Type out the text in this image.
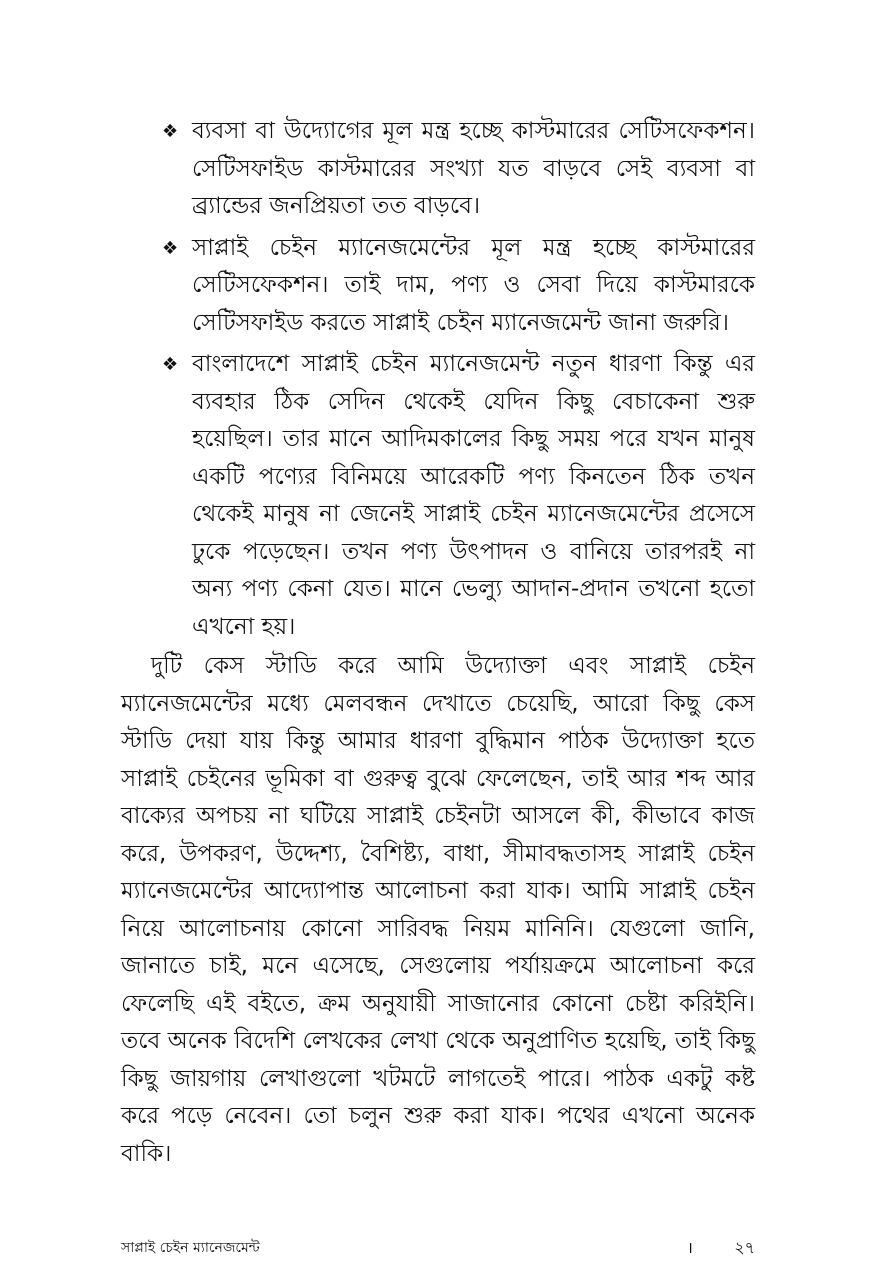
❖ ব্যবসা বা উদ্যোগের মূল মন্ত্র হচ্ছে কাস্টমারের সেটিসফেকশন। সেটিসফাইড কাস্টমারের সংখ্যা যত বাড়বে সেই ব্যবসা বা ব্র্যান্ডের জনপ্রিয়তা তত বাড়বে।
❖ সাপ্লাই চেইন ম্যানেজমেন্টের মূল মন্ত্র হচ্ছে কাস্টমারের সেটিসফেকশন। তাই দাম, পণ্য ও সেবা দিয়ে কাস্টমারকে সেটিসফাইড করতে সাপ্লাই চেইন ম্যানেজমেন্ট জানা জরুরি।
❖ বাংলাদেশে সাপ্লাই চেইন ম্যানেজমেন্ট নতুন ধারণা কিন্তু এর ব্যবহার ঠিক সেদিন থেকেই যেদিন কিছু বেচাকেনা শুরু হয়েছিল। তার মানে আদিমকালের কিছু সময় পরে যখন মানুষ একটি পণ্যের বিনিময়ে আরেকটি পণ্য কিনতেন ঠিক তখন থেকেই মানুষ না জেনেই সাপ্লাই চেইন ম্যানেজমেন্টের প্রসেসে ঢুকে পড়েছেন। তখন পণ্য উৎপাদন ও বানিয়ে তারপরই না অন্য পণ্য কেনা যেত। মানে ভেল্যু আদান-প্রদান তখনো হতো এখনো হয়।

দুটি কেস স্টাডি করে আমি উদ্যোক্তা এবং সাপ্লাই চেইন ম্যানেজমেন্টের মধ্যে মেলবন্ধন দেখাতে চেয়েছি, আরো কিছু কেস স্টাডি দেয়া যায় কিন্তু আমার ধারণা বুদ্ধিমান পাঠক উদ্যোক্তা হতে সাপ্লাই চেইনের ভূমিকা বা গুরুত্ব বুঝে ফেলেছেন, তাই আর শব্দ আর বাক্যের অপচয় না ঘটিয়ে সাপ্লাই চেইনটা আসলে কী, কীভাবে কাজ করে, উপকরণ, উদ্দেশ্য, বৈশিষ্ট্য, বাধা, সীমাবদ্ধতাসহ সাপ্লাই চেইন ম্যানেজমেন্টের আদ্যোপান্ত আলোচনা করা যাক। আমি সাপ্লাই চেইন নিয়ে আলোচনায় কোনো সারিবদ্ধ নিয়ম মানিনি। যেগুলো জানি, জানাতে চাই, মনে এসেছে, সেগুলোয় পর্যায়ক্রমে আলোচনা করে ফেলেছি এই বইতে, ক্রম অনুযায়ী সাজানোর কোনো চেষ্টা করিইনি। তবে অনেক বিদেশি লেখকের লেখা থেকে অনুপ্রাণিত হয়েছি, তাই কিছু কিছু জায়গায় লেখাগুলো খটমটে লাগতেই পারে। পাঠক একটু কষ্ট করে পড়ে নেবেন। তো চলুন শুরু করা যাক। পথের এখনো অনেক বাকি।

সাপ্লাই চেইন ম্যানেজমেন্ট	।	২৭
